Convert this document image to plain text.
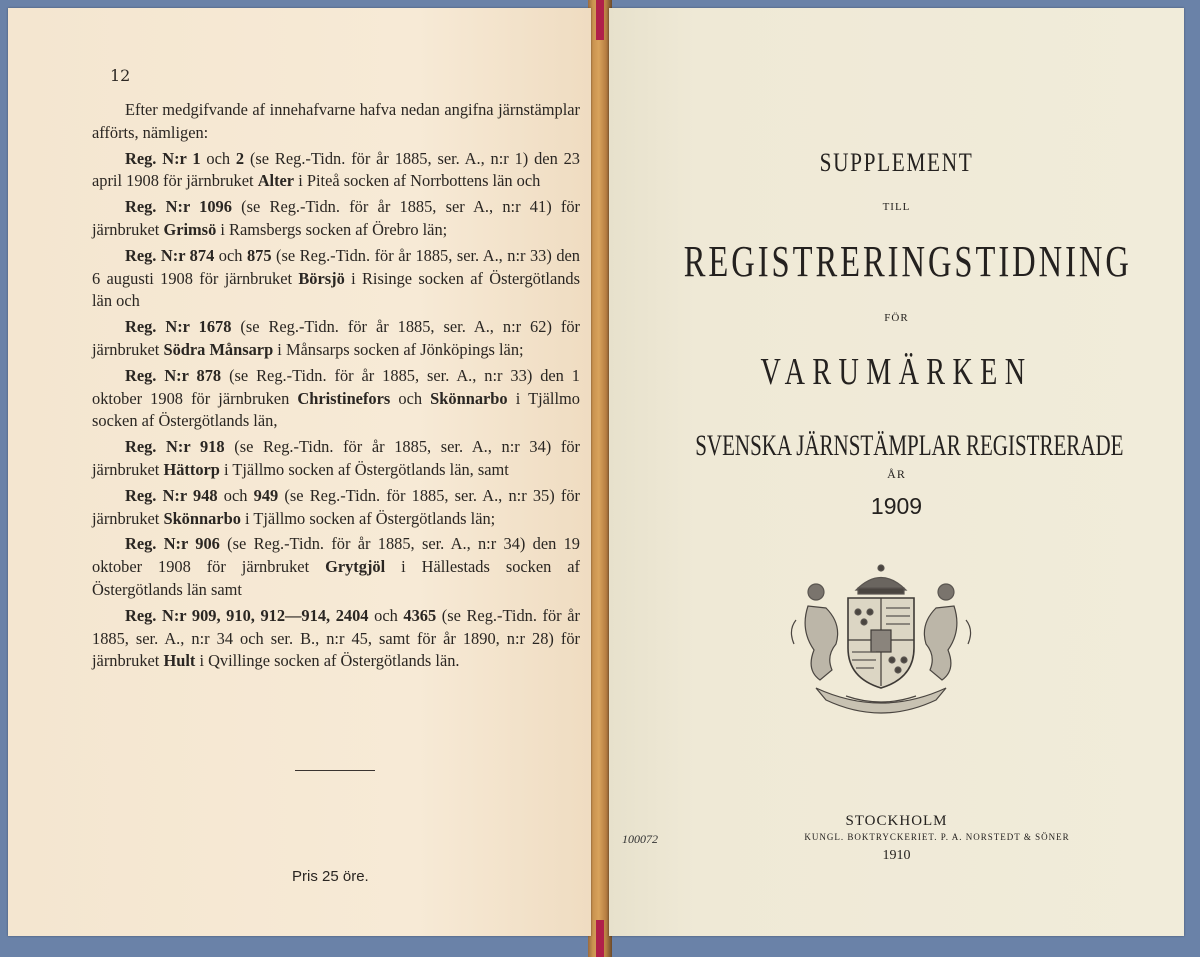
12

Efter medgifvande af innehafvarne hafva nedan angifna järnstämplar afförts, nämligen:

Reg. N:r 1 och 2 (se Reg.-Tidn. för år 1885, ser. A., n:r 1) den 23 april 1908 för järnbruket Alter i Piteå socken af Norrbottens län och

Reg. N:r 1096 (se Reg.-Tidn. för år 1885, ser A., n:r 41) för järnbruket Grimsö i Ramsbergs socken af Örebro län;

Reg. N:r 874 och 875 (se Reg.-Tidn. för år 1885, ser. A., n:r 33) den 6 augusti 1908 för järnbruket Börsjö i Risinge socken af Östergötlands län och

Reg. N:r 1678 (se Reg.-Tidn. för år 1885, ser. A., n:r 62) för järnbruket Södra Månsarp i Månsarps socken af Jönköpings län;

Reg. N:r 878 (se Reg.-Tidn. för år 1885, ser. A., n:r 33) den 1 oktober 1908 för järnbruken Christinefors och Skönnarbo i Tjällmo socken af Östergötlands län,

Reg. N:r 918 (se Reg.-Tidn. för år 1885, ser. A., n:r 34) för järnbruket Hättorp i Tjällmo socken af Östergötlands län, samt

Reg. N:r 948 och 949 (se Reg.-Tidn. för 1885, ser. A., n:r 35) för järnbruket Skönnarbo i Tjällmo socken af Östergötlands län;

Reg. N:r 906 (se Reg.-Tidn. för år 1885, ser. A., n:r 34) den 19 oktober 1908 för järnbruket Grytgjöl i Hällestads socken af Östergötlands län samt

Reg. N:r 909, 910, 912—914, 2404 och 4365 (se Reg.-Tidn. för år 1885, ser. A., n:r 34 och ser. B., n:r 45, samt för år 1890, n:r 28) för järnbruket Hult i Qvillinge socken af Östergötlands län.

Pris 25 öre.
SUPPLEMENT
TILL
REGISTRERINGSTIDNING
FÖR
VARUMÄRKEN
SVENSKA JÄRNSTÄMPLAR REGISTRERADE
ÅR
1909
100072
STOCKHOLM
KUNGL. BOKTRYCKERIET. P. A. NORSTEDT & SÖNER
1910
